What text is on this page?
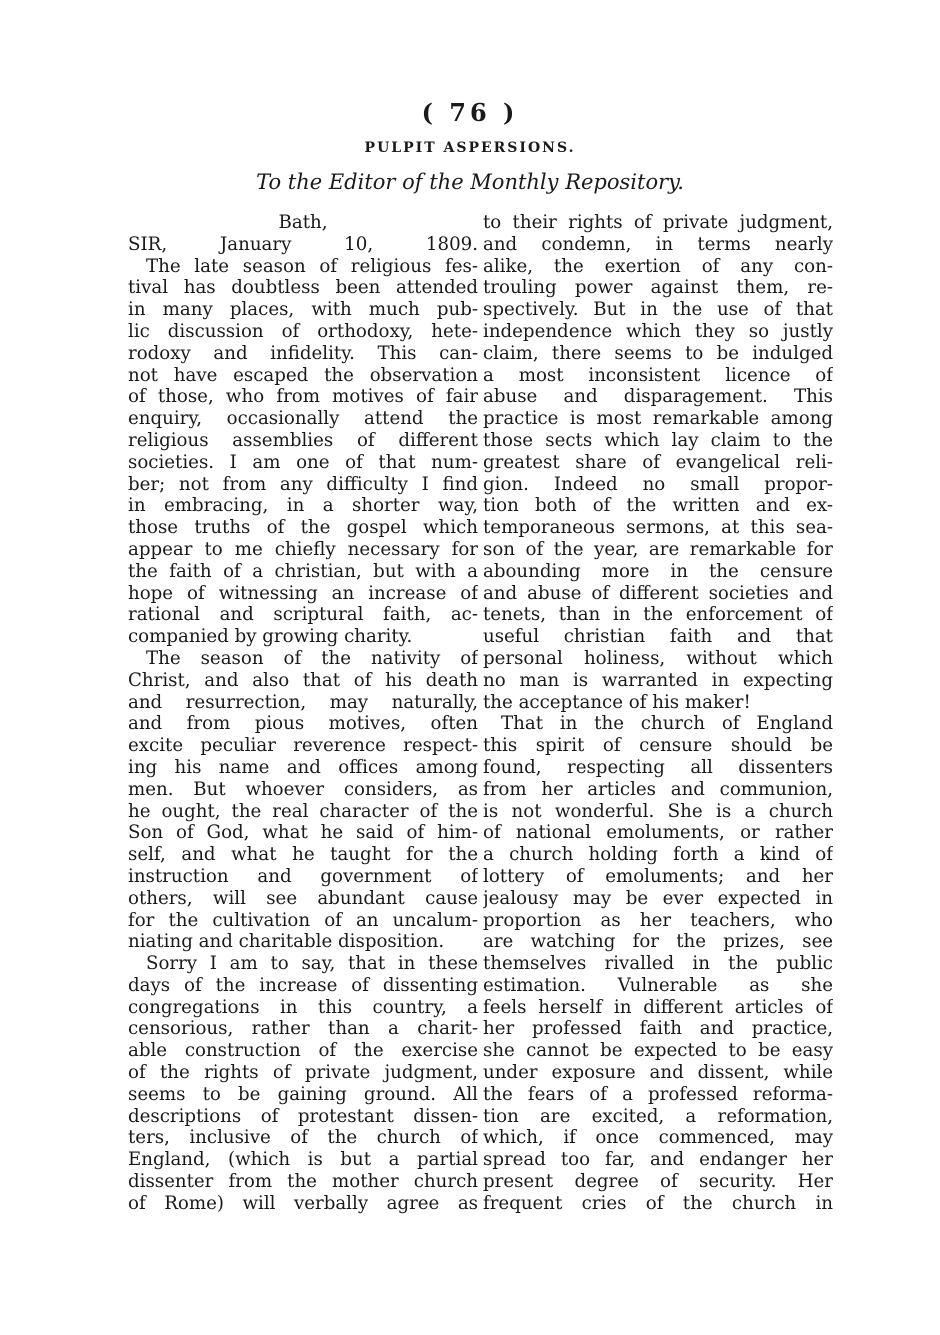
( 76 )
PULPIT ASPERSIONS.
To the Editor of the Monthly Repository.
Bath,
SIR,	January 10, 1809.
The late season of religious fes-
tival has doubtless been attended
in many places, with much pub-
lic discussion of orthodoxy, hete-
rodoxy and infidelity. This can-
not have escaped the observation
of those, who from motives of fair
enquiry, occasionally attend the
religious assemblies of different
societies. I am one of that num-
ber; not from any difficulty I find
in embracing, in a shorter way,
those truths of the gospel which
appear to me chiefly necessary for
the faith of a christian, but with a
hope of witnessing an increase of
rational and scriptural faith, ac-
companied by growing charity.
The season of the nativity of
Christ, and also that of his death
and resurrection, may naturally,
and from pious motives, often
excite peculiar reverence respect-
ing his name and offices among
men. But whoever considers, as
he ought, the real character of the
Son of God, what he said of him-
self, and what he taught for the
instruction and government of
others, will see abundant cause
for the cultivation of an uncalum-
niating and charitable disposition.
Sorry I am to say, that in these
days of the increase of dissenting
congregations in this country, a
censorious, rather than a charit-
able construction of the exercise
of the rights of private judgment,
seems to be gaining ground. All
descriptions of protestant dissen-
ters, inclusive of the church of
England, (which is but a partial
dissenter from the mother church
of Rome) will verbally agree as
to their rights of private judgment,
and condemn, in terms nearly
alike, the exertion of any con-
trouling power against them, re-
spectively. But in the use of that
independence which they so justly
claim, there seems to be indulged
a most inconsistent licence of
abuse and disparagement. This
practice is most remarkable among
those sects which lay claim to the
greatest share of evangelical reli-
gion. Indeed no small propor-
tion both of the written and ex-
temporaneous sermons, at this sea-
son of the year, are remarkable for
abounding more in the censure
and abuse of different societies and
tenets, than in the enforcement of
useful christian faith and that
personal holiness, without which
no man is warranted in expecting
the acceptance of his maker!
That in the church of England
this spirit of censure should be
found, respecting all dissenters
from her articles and communion,
is not wonderful. She is a church
of national emoluments, or rather
a church holding forth a kind of
lottery of emoluments; and her
jealousy may be ever expected in
proportion as her teachers, who
are watching for the prizes, see
themselves rivalled in the public
estimation. Vulnerable as she
feels herself in different articles of
her professed faith and practice,
she cannot be expected to be easy
under exposure and dissent, while
the fears of a professed reforma-
tion are excited, a reformation,
which, if once commenced, may
spread too far, and endanger her
present degree of security. Her
frequent cries of the church in
